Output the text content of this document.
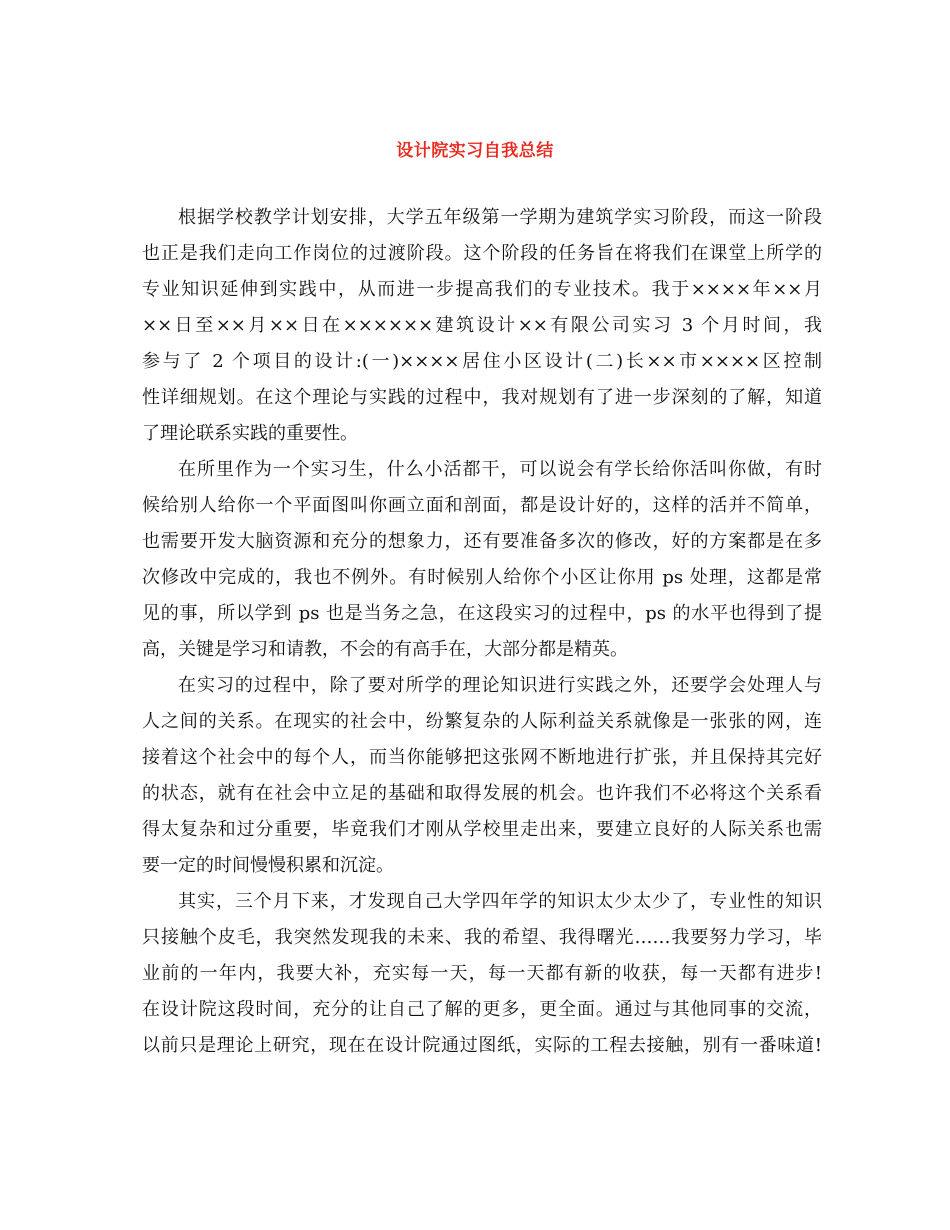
设计院实习自我总结

根据学校教学计划安排，大学五年级第一学期为建筑学实习阶段，而这一阶段

也正是我们走向工作岗位的过渡阶段。这个阶段的任务旨在将我们在课堂上所学的

专业知识延伸到实践中，从而进一步提高我们的专业技术。我于××××年××月

××日至××月××日在××××××建筑设计××有限公司实习 3 个月时间，我

参与了 2 个项目的设计:(一)××××居住小区设计(二)长××市××××区控制

性详细规划。在这个理论与实践的过程中，我对规划有了进一步深刻的了解，知道

了理论联系实践的重要性。

在所里作为一个实习生，什么小活都干，可以说会有学长给你活叫你做，有时

候给别人给你一个平面图叫你画立面和剖面，都是设计好的，这样的活并不简单，

也需要开发大脑资源和充分的想象力，还有要准备多次的修改，好的方案都是在多

次修改中完成的，我也不例外。有时候别人给你个小区让你用 ps 处理，这都是常

见的事，所以学到 ps 也是当务之急，在这段实习的过程中，ps 的水平也得到了提

高，关键是学习和请教，不会的有高手在，大部分都是精英。

在实习的过程中，除了要对所学的理论知识进行实践之外，还要学会处理人与

人之间的关系。在现实的社会中，纷繁复杂的人际利益关系就像是一张张的网，连

接着这个社会中的每个人，而当你能够把这张网不断地进行扩张，并且保持其完好

的状态，就有在社会中立足的基础和取得发展的机会。也许我们不必将这个关系看

得太复杂和过分重要，毕竟我们才刚从学校里走出来，要建立良好的人际关系也需

要一定的时间慢慢积累和沉淀。

其实，三个月下来，才发现自己大学四年学的知识太少太少了，专业性的知识

只接触个皮毛，我突然发现我的未来、我的希望、我得曙光……我要努力学习，毕

业前的一年内，我要大补，充实每一天，每一天都有新的收获，每一天都有进步!

在设计院这段时间，充分的让自己了解的更多，更全面。通过与其他同事的交流，

以前只是理论上研究，现在在设计院通过图纸，实际的工程去接触，别有一番味道!
